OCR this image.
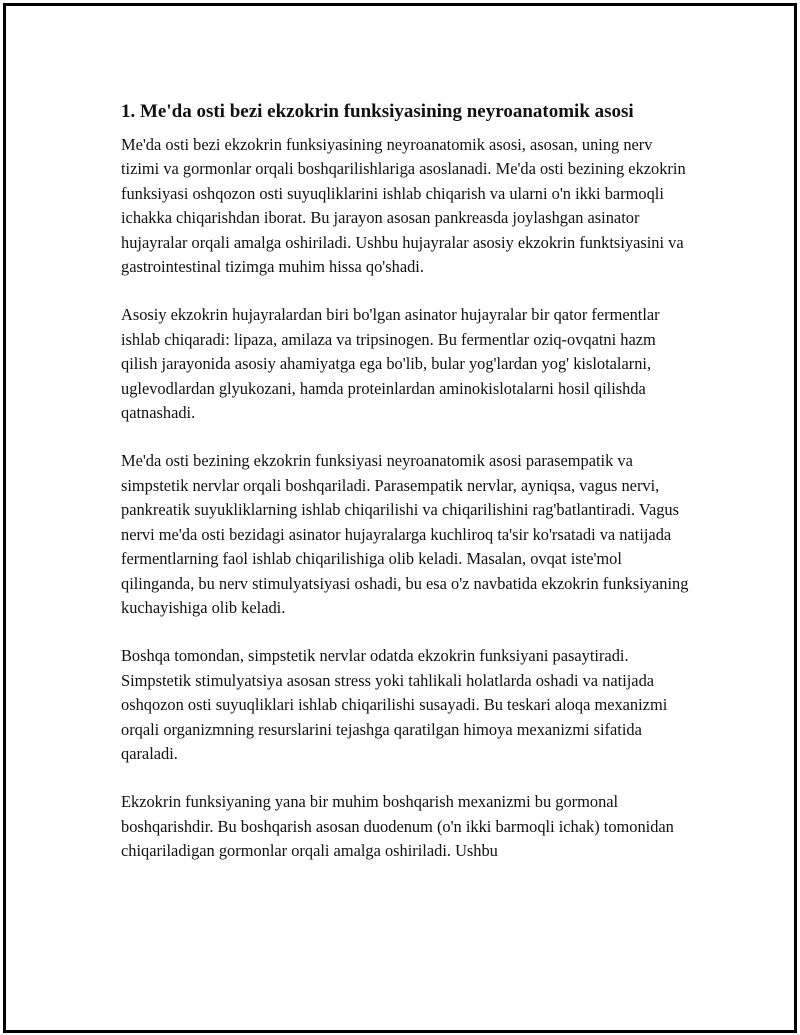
1. Me'da osti bezi ekzokrin funksiyasining neyroanatomik asosi

Me'da osti bezi ekzokrin funksiyasining neyroanatomik asosi, asosan, uning nerv tizimi va gormonlar orqali boshqarilishlariga asoslanadi. Me'da osti bezining ekzokrin funksiyasi oshqozon osti suyuqliklarini ishlab chiqarish va ularni o'n ikki barmoqli ichakka chiqarishdan iborat. Bu jarayon asosan pankreasda joylashgan asinator hujayralar orqali amalga oshiriladi. Ushbu hujayralar asosiy ekzokrin funktsiyasini va gastrointestinal tizimga muhim hissa qo'shadi.

Asosiy ekzokrin hujayralardan biri bo'lgan asinator hujayralar bir qator fermentlar ishlab chiqaradi: lipaza, amilaza va tripsinogen. Bu fermentlar oziq-ovqatni hazm qilish jarayonida asosiy ahamiyatga ega bo'lib, bular yog'lardan yog' kislotalarni, uglevodlardan glyukozani, hamda proteinlardan aminokislotalarni hosil qilishda qatnashadi.

Me'da osti bezining ekzokrin funksiyasi neyroanatomik asosi parasempatik va simpstetik nervlar orqali boshqariladi. Parasempatik nervlar, ayniqsa, vagus nervi, pankreatik suyukliklarning ishlab chiqarilishi va chiqarilishini rag'batlantiradi. Vagus nervi me'da osti bezidagi asinator hujayralarga kuchliroq ta'sir ko'rsatadi va natijada fermentlarning faol ishlab chiqarilishiga olib keladi. Masalan, ovqat iste'mol qilinganda, bu nerv stimulyatsiyasi oshadi, bu esa o'z navbatida ekzokrin funksiyaning kuchayishiga olib keladi.

Boshqa tomondan, simpstetik nervlar odatda ekzokrin funksiyani pasaytiradi. Simpstetik stimulyatsiya asosan stress yoki tahlikali holatlarda oshadi va natijada oshqozon osti suyuqliklari ishlab chiqarilishi susayadi. Bu teskari aloqa mexanizmi orqali organizmning resurslarini tejashga qaratilgan himoya mexanizmi sifatida qaraladi.

Ekzokrin funksiyaning yana bir muhim boshqarish mexanizmi bu gormonal boshqarishdir. Bu boshqarish asosan duodenum (o'n ikki barmoqli ichak) tomonidan chiqariladigan gormonlar orqali amalga oshiriladi. Ushbu
